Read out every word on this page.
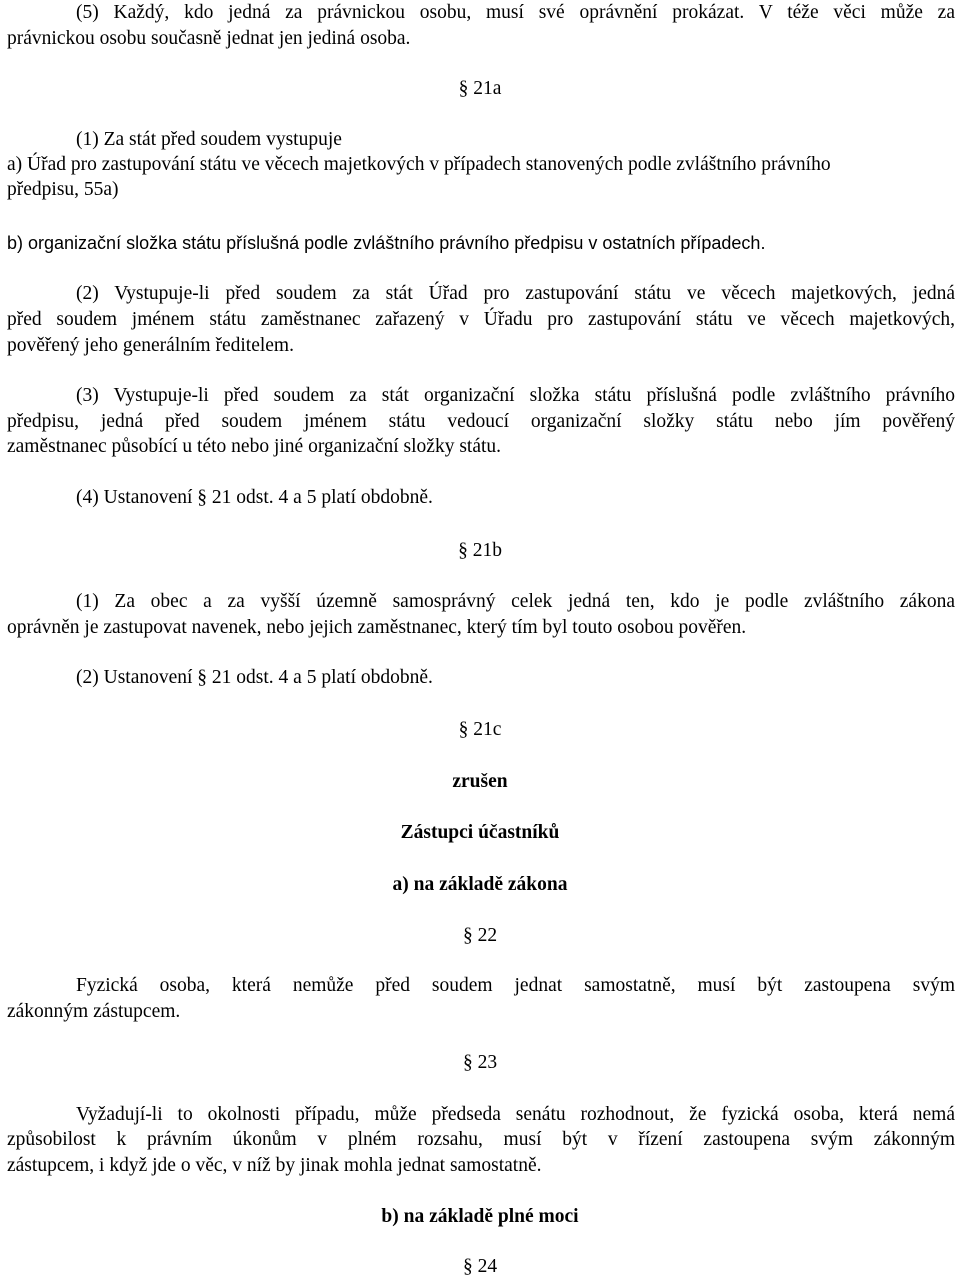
(5) Každý, kdo jedná za právnickou osobu, musí své oprávnění prokázat. V téže věci může za
právnickou osobu současně jednat jen jediná osoba.
§ 21a
(1) Za stát před soudem vystupuje
a) Úřad pro zastupování státu ve věcech majetkových v případech stanovených podle zvláštního právního
předpisu, 55a)
b) organizační složka státu příslušná podle zvláštního právního předpisu v ostatních případech.
(2) Vystupuje-li před soudem za stát Úřad pro zastupování státu ve věcech majetkových, jedná
před soudem jménem státu zaměstnanec zařazený v Úřadu pro zastupování státu ve věcech majetkových,
pověřený jeho generálním ředitelem.
(3) Vystupuje-li před soudem za stát organizační složka státu příslušná podle zvláštního právního
předpisu, jedná před soudem jménem státu vedoucí organizační složky státu nebo jím pověřený
zaměstnanec působící u této nebo jiné organizační složky státu.
(4) Ustanovení § 21 odst. 4 a 5 platí obdobně.
§ 21b
(1) Za obec a za vyšší územně samosprávný celek jedná ten, kdo je podle zvláštního zákona
oprávněn je zastupovat navenek, nebo jejich zaměstnanec, který tím byl touto osobou pověřen.
(2) Ustanovení § 21 odst. 4 a 5 platí obdobně.
§ 21c
zrušen
Zástupci účastníků
a) na základě zákona
§ 22
Fyzická osoba, která nemůže před soudem jednat samostatně, musí být zastoupena svým
zákonným zástupcem.
§ 23
Vyžadují-li to okolnosti případu, může předseda senátu rozhodnout, že fyzická osoba, která nemá
způsobilost k právním úkonům v plném rozsahu, musí být v řízení zastoupena svým zákonným
zástupcem, i když jde o věc, v níž by jinak mohla jednat samostatně.
b) na základě plné moci
§ 24
